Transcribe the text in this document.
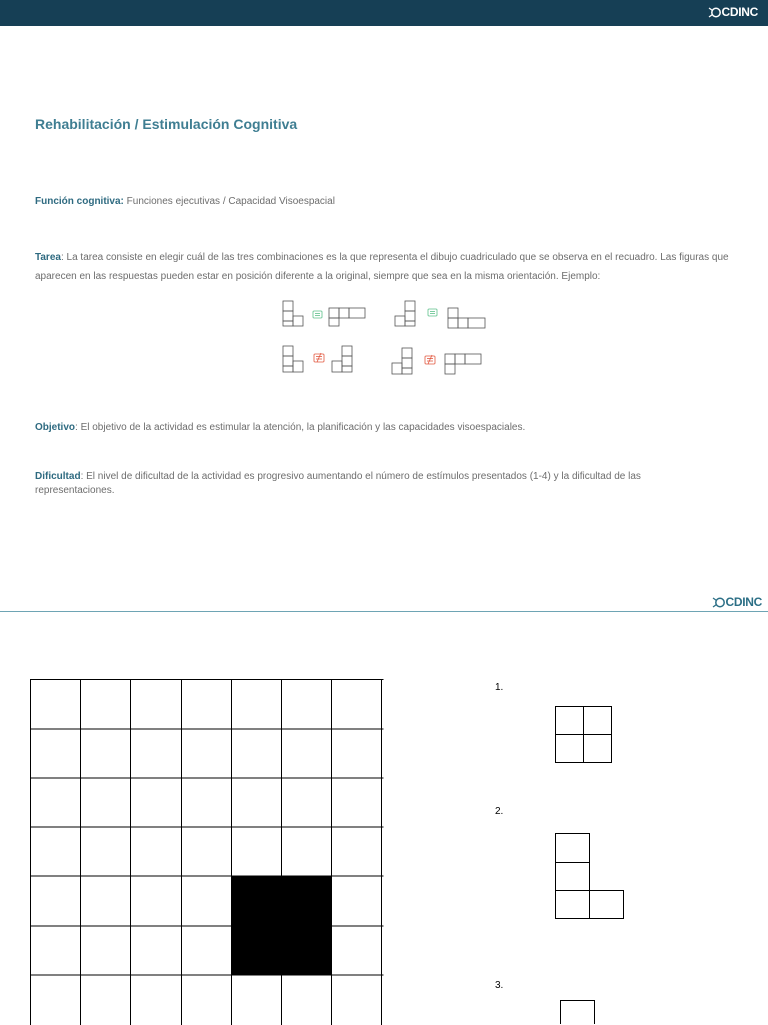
CDINC
Rehabilitación / Estimulación Cognitiva
Función cognitiva: Funciones ejecutivas / Capacidad Visoespacial
Tarea: La tarea consiste en elegir cuál de las tres combinaciones es la que representa el dibujo cuadriculado que se observa en el recuadro. Las figuras que aparecen en las respuestas pueden estar en posición diferente a la original, siempre que sea en la misma orientación. Ejemplo:
Objetivo: El objetivo de la actividad es estimular la atención, la planificación y las capacidades visoespaciales.
Dificultad: El nivel de dificultad de la actividad es progresivo aumentando el número de estímulos presentados (1-4) y la dificultad de las representaciones.
CDINC
1.
2.
3.
